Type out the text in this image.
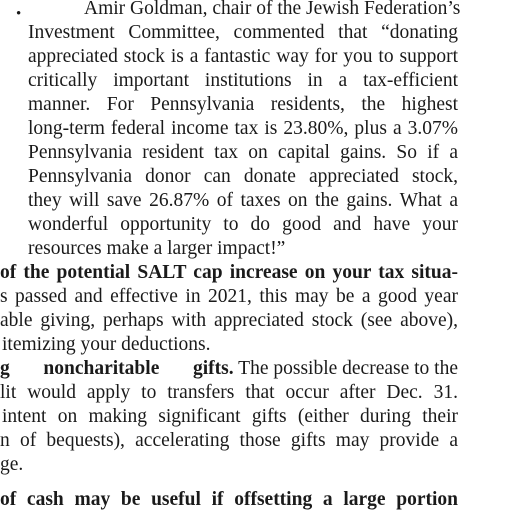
•	Amir Goldman, chair of the Jewish Federation’s
Investment Committee, commented that “donating
appreciated stock is a fantastic way for you to support
critically important institutions in a tax-efficient
manner. For Pennsylvania residents, the highest
long-term federal income tax is 23.80%, plus a 3.07%
Pennsylvania resident tax on capital gains. So if a
Pennsylvania donor can donate appreciated stock,
they will save 26.87% of taxes on the gains. What a
wonderful opportunity to do good and have your
resources make a larger impact!”
of the potential SALT cap increase on your tax situa-
s passed and effective in 2021, this may be a good year
able giving, perhaps with appreciated stock (see above),
itemizing your deductions.
g noncharitable gifts. The possible decrease to the
lit would apply to transfers that occur after Dec. 31.
intent on making significant gifts (either during their
n of bequests), accelerating those gifts may provide a
ge.
of cash may be useful if offsetting a large portion
